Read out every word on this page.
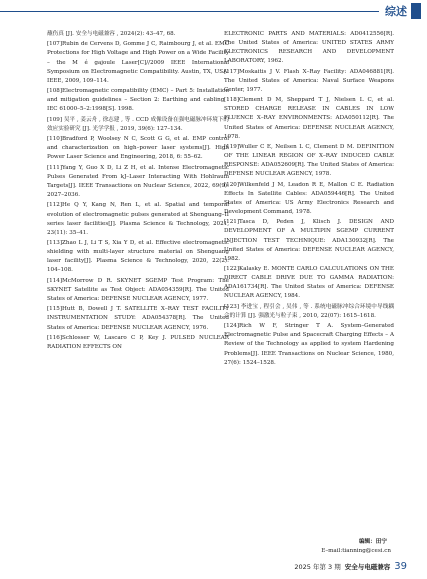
综述

蘸伤真 [J]. 安全与电磁兼容 , 2024(2): 43–47, 68.

[107]Rubin de Cervens D, Gomme J C, Raimbourg J, et al. EMC Protections for High Voltage and High Power on a Wide Facility – the M é gajoule Laser[C]//2009 IEEE International Symposium on Electromagnetic Compatibility. Austin, TX, USA: IEEE, 2009, 109–114.

[108]Electromagnetic compatibility (EMC) – Part 5: Installation and mitigation guidelines – Section 2: Earthing and cabling : IEC 61000–5–2:1998[S]. 1998.

[109] 吴平 , 姜云舟 , 徐志建 , 等 . CCD 成像设备在强电磁脉冲环境下的效应实验研究 [J]. 光学学报 , 2019, 39(6): 127–134.

[110]Bradford P, Woolsey N C, Scott G G, et al. EMP control and characterization on high–power laser systems[J]. High Power Laser Science and Engineering, 2018, 6: 55–62.

[111]Yang Y, Guo X D, Li Z H, et al. Intense Electromagnetic Pulses Generated From kJ–Laser Interacting With Hohlraum Targets[J]. IEEE Transactions on Nuclear Science, 2022, 69(9): 2027–2036.

[112]He Q Y, Kang N, Ren L, et al. Spatial and temporal evolution of electromagnetic pulses generated at Shenguang–II series laser facilities[J]. Plasma Science & Technology, 2021, 23(11): 35–41.

[113]Zhao L J, Li T S, Xia Y D, et al. Effective electromagnetic shielding with multi-layer structure material on Shenguang laser facility[J]. Plasma Science & Technology, 2020, 22(2): 104–108.

[114]McMorrow D R. SKYNET SGEMP Test Program: The SKYNET Satellite as Test Object: ADA054359[R]. The United States of America: DEFENSE NUCLEAR AGENCY, 1977.

[115]Hutt B, Dowell J T. SATELLITE X–RAY TEST FACILITY INSTRUMENTATION STUDY: ADA054378[R]. The United States of America: DEFENSE NUCLEAR AGENCY, 1976.

[116]Schlosser W, Lascaro C P, Key J. PULSED NUCLEAR RADIATION EFFECTS ON

ELECTRONIC PARTS AND MATERIALS: AD0412556[R]. The United States of America: UNITED STATES ARMY ELECTRONICS RESEARCH AND DEVELOPMENT LABORATORY, 1962.

[117]Moskaitis J V. Flash X–Ray Facility: ADA046881[R]. The United States of America: Naval Surface Weapons Center, 1977.

[118]Clement D M, Sheppard T J, Nielsen L C, et al. STORED CHARGE RELEASE IN CABLES IN LOW FLUENCE X–RAY ENVIRONMENTS: ADA050112[R]. The United States of America: DEFENSE NUCLEAR AGENCY, 1978.

[119]Wuller C E, Neilsen L C, Clement D M. DEFINITION OF THE LINEAR REGION OF X–RAY INDUCED CABLE RESPONSE: ADA052609[R]. The United States of America: DEFENSE NUCLEAR AGENCY, 1978.

[120]Wilkenfeld J M, Leadon R E, Mallon C E. Radiation Effects In Satellite Cables: ADA059446[R]. The United States of America: US Army Electronics Research and Development Command, 1978.

[121]Tasca D, Peden J, Klisch J. DESIGN AND DEVELOPMENT OF A MULTIPIN SGEMP CURRENT INJECTION TEST TECHNIQUE: ADA130932[R]. The United States of America: DEFENSE NUCLEAR AGENCY, 1982.

[122]Kalasky E. MONTE CARLO CALCULATIONS ON THE DIRECT CABLE DRIVE DUE TO GAMMA RADIATION: ADA161734[R]. The United States of America: DEFENSE NUCLEAR AGENCY, 1984.

[123] 李进宝 , 程引会 , 吴伟 , 等 . 系统电磁脉冲综合环境中导线耦合的计算 [J]. 强激光与粒子束 , 2010, 22(07): 1615–1618.

[124]Rich W F, Stringer T A. System–Generated Electromagnetic Pulse and Spacecraft Charging Effects – A Review of the Technology as applied to system Hardening Problems[J]. IEEE Transactions on Nuclear Science, 1980, 27(6): 1524–1528.

编辑：田宁
E–mail:tianning@cesi.cn
2025 年第 3 期 安全与电磁兼容 39
